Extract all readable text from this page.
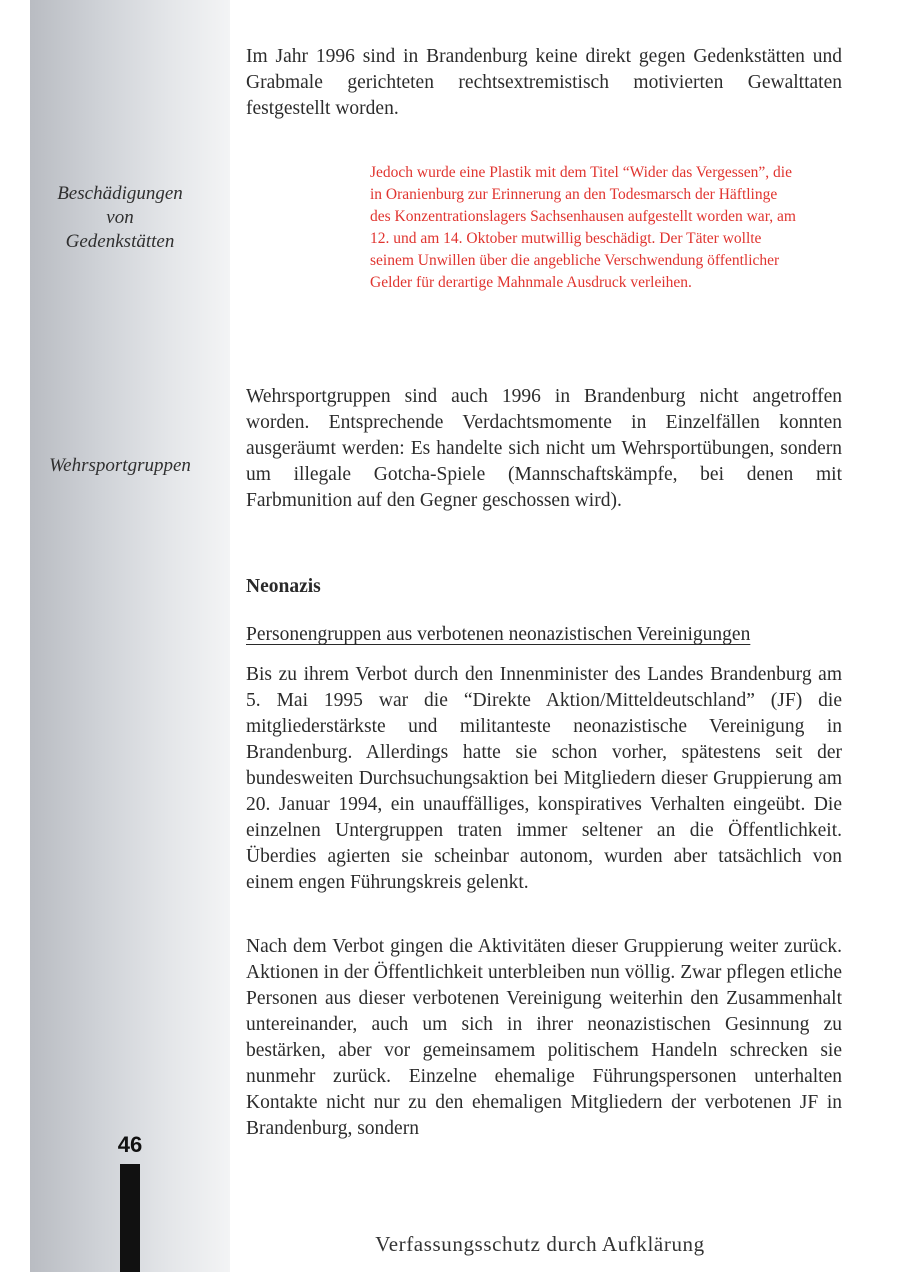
Beschädigungen
von
Gedenkstätten
Wehrsportgruppen
Im Jahr 1996 sind in Brandenburg keine direkt gegen Gedenkstätten und Grabmale gerichteten rechtsextremistisch motivierten Gewalttaten festgestellt worden.
Jedoch wurde eine Plastik mit dem Titel “Wider das Vergessen”, die in Oranienburg zur Erinnerung an den Todesmarsch der Häftlinge des Konzentrationslagers Sachsenhausen aufgestellt worden war, am 12. und am 14. Oktober mutwillig beschädigt. Der Täter wollte seinem Unwillen über die angebliche Verschwendung öffentlicher Gelder für derartige Mahnmale Ausdruck verleihen.
Wehrsportgruppen sind auch 1996 in Brandenburg nicht angetroffen worden. Entsprechende Verdachtsmomente in Einzelfällen konnten ausgeräumt werden: Es handelte sich nicht um Wehrsportübungen, sondern um illegale Gotcha-Spiele (Mannschaftskämpfe, bei denen mit Farbmunition auf den Gegner geschossen wird).
Neonazis
Personengruppen aus verbotenen neonazistischen Vereinigungen
Bis zu ihrem Verbot durch den Innenminister des Landes Brandenburg am 5. Mai 1995 war die “Direkte Aktion/Mitteldeutschland” (JF) die mitgliederstärkste und militanteste neonazistische Vereinigung in Brandenburg. Allerdings hatte sie schon vorher, spätestens seit der bundesweiten Durchsuchungsaktion bei Mitgliedern dieser Gruppierung am 20. Januar 1994, ein unauffälliges, konspiratives Verhalten eingeübt. Die einzelnen Untergruppen traten immer seltener an die Öffentlichkeit. Überdies agierten sie scheinbar autonom, wurden aber tatsächlich von einem engen Führungskreis gelenkt.
Nach dem Verbot gingen die Aktivitäten dieser Gruppierung weiter zurück. Aktionen in der Öffentlichkeit unterbleiben nun völlig. Zwar pflegen etliche Personen aus dieser verbotenen Vereinigung weiterhin den Zusammenhalt untereinander, auch um sich in ihrer neonazistischen Gesinnung zu bestärken, aber vor gemeinsamem politischem Handeln schrecken sie nunmehr zurück. Einzelne ehemalige Führungspersonen unterhalten Kontakte nicht nur zu den ehemaligen Mitgliedern der verbotenen JF in Brandenburg, sondern
46
Verfassungsschutz durch Aufklärung
